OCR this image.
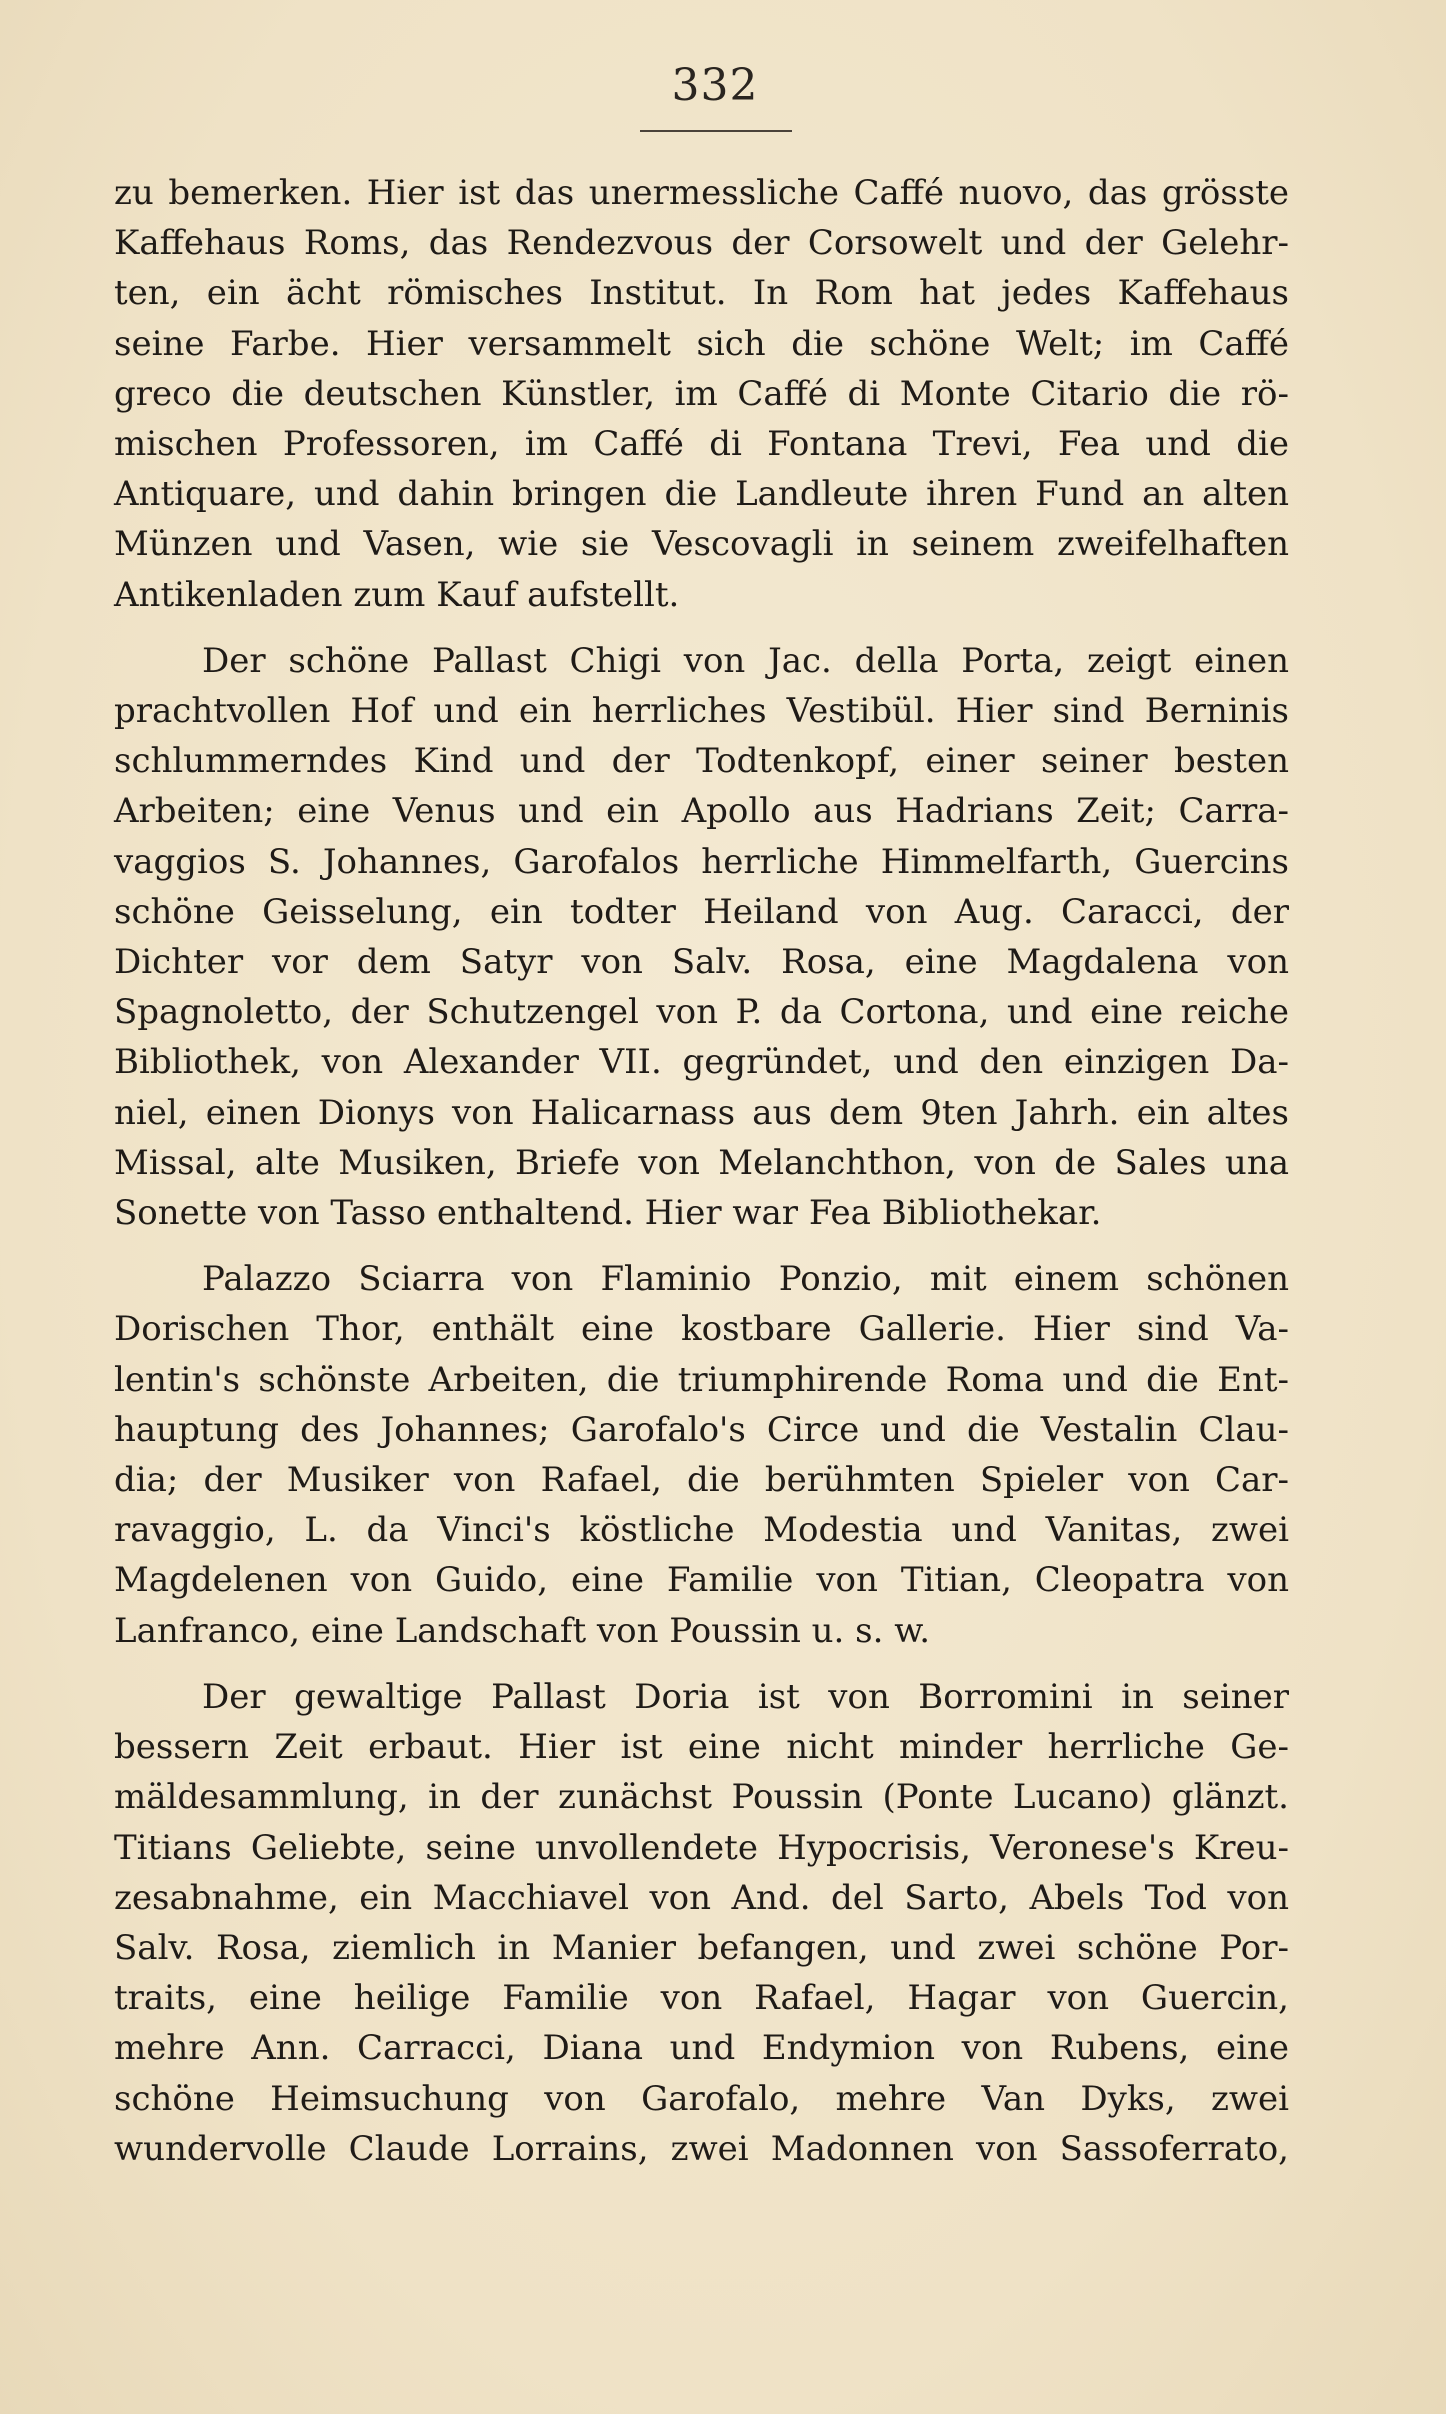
332
zu bemerken. Hier ist das unermessliche Caffé nuovo, das grösste
Kaffehaus Roms, das Rendezvous der Corsowelt und der Gelehr-
ten, ein ächt römisches Institut. In Rom hat jedes Kaffehaus
seine Farbe. Hier versammelt sich die schöne Welt; im Caffé
greco die deutschen Künstler, im Caffé di Monte Citario die rö-
mischen Professoren, im Caffé di Fontana Trevi, Fea und die
Antiquare, und dahin bringen die Landleute ihren Fund an alten
Münzen und Vasen, wie sie Vescovagli in seinem zweifelhaften
Antikenladen zum Kauf aufstellt.
Der schöne Pallast Chigi von Jac. della Porta, zeigt einen
prachtvollen Hof und ein herrliches Vestibül. Hier sind Berninis
schlummerndes Kind und der Todtenkopf, einer seiner besten
Arbeiten; eine Venus und ein Apollo aus Hadrians Zeit; Carra-
vaggios S. Johannes, Garofalos herrliche Himmelfarth, Guercins
schöne Geisselung, ein todter Heiland von Aug. Caracci, der
Dichter vor dem Satyr von Salv. Rosa, eine Magdalena von
Spagnoletto, der Schutzengel von P. da Cortona, und eine reiche
Bibliothek, von Alexander VII. gegründet, und den einzigen Da-
niel, einen Dionys von Halicarnass aus dem 9ten Jahrh. ein altes
Missal, alte Musiken, Briefe von Melanchthon, von de Sales una
Sonette von Tasso enthaltend. Hier war Fea Bibliothekar.
Palazzo Sciarra von Flaminio Ponzio, mit einem schönen
Dorischen Thor, enthält eine kostbare Gallerie. Hier sind Va-
lentin's schönste Arbeiten, die triumphirende Roma und die Ent-
hauptung des Johannes; Garofalo's Circe und die Vestalin Clau-
dia; der Musiker von Rafael, die berühmten Spieler von Car-
ravaggio, L. da Vinci's köstliche Modestia und Vanitas, zwei
Magdelenen von Guido, eine Familie von Titian, Cleopatra von
Lanfranco, eine Landschaft von Poussin u. s. w.
Der gewaltige Pallast Doria ist von Borromini in seiner
bessern Zeit erbaut. Hier ist eine nicht minder herrliche Ge-
mäldesammlung, in der zunächst Poussin (Ponte Lucano) glänzt.
Titians Geliebte, seine unvollendete Hypocrisis, Veronese's Kreu-
zesabnahme, ein Macchiavel von And. del Sarto, Abels Tod von
Salv. Rosa, ziemlich in Manier befangen, und zwei schöne Por-
traits, eine heilige Familie von Rafael, Hagar von Guercin,
mehre Ann. Carracci, Diana und Endymion von Rubens, eine
schöne Heimsuchung von Garofalo, mehre Van Dyks, zwei
wundervolle Claude Lorrains, zwei Madonnen von Sassoferrato,
